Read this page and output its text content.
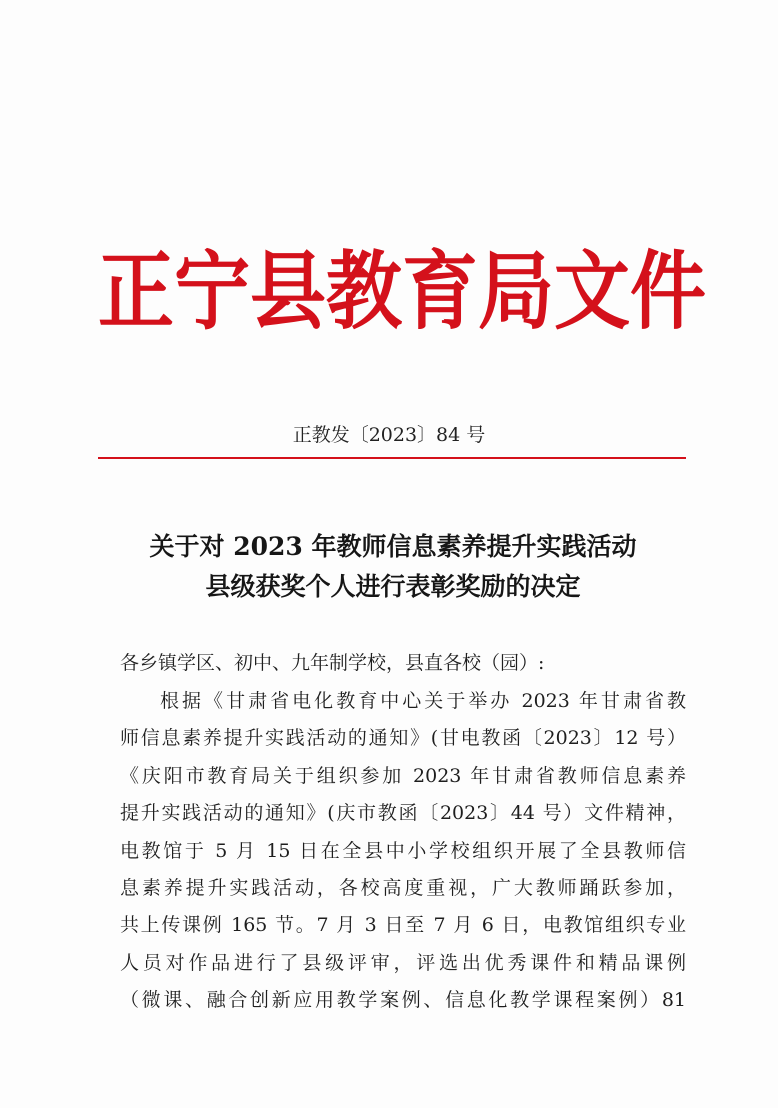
正宁县教育局文件
正教发〔2023〕84 号
关于对 2023 年教师信息素养提升实践活动
县级获奖个人进行表彰奖励的决定
各乡镇学区、初中、九年制学校，县直各校（园）:
根据《甘肃省电化教育中心关于举办 2023 年甘肃省教
师信息素养提升实践活动的通知》(甘电教函〔2023〕12 号）
《庆阳市教育局关于组织参加 2023 年甘肃省教师信息素养
提升实践活动的通知》(庆市教函〔2023〕44 号）文件精神，
电教馆于 5 月 15 日在全县中小学校组织开展了全县教师信
息素养提升实践活动，各校高度重视，广大教师踊跃参加，
共上传课例 165 节。7 月 3 日至 7 月 6 日，电教馆组织专业
人员对作品进行了县级评审，评选出优秀课件和精品课例
（微课、融合创新应用教学案例、信息化教学课程案例）81
